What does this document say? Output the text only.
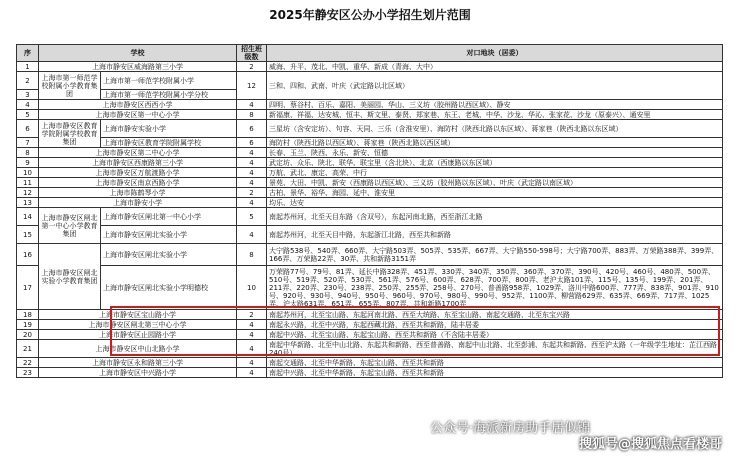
2025年静安区公办小学招生划片范围
序	学校		招生班级数	对口地块（居委）
1	上海市静安区威海路第三小学		2	威海、升平、茂北、中凯、重华、新成（青海、大中）
2	上海市第一师范学校附属小学教育集团	上海市第一师范学校附属小学	12	三和、四和、武南、叶庆（武定路以北区域）
3		上海市第一师范学校附属小学分校		
4	上海市静安区西西小学		4	四明、蔡谷村、百乐、嘉阳、美丽园、华山、三义坊（胶州路以西区域）、静安
5	上海市静安区第一中心小学		8	新福康、祥福、达安城、恒丰、斯文里、泰贤、郑家巷、东王、老城、中华、沙龙、华沁、张家花、沙龙（原泰兴）、通安里
6	上海市静安区教育学院附属学校教育集团	上海市静安实验小学	6	三星坊（含安定坊）、句容、天同、三乐（含淮安里）、海防村（陕西北路以东区域）、蒋家巷（陕西北路以东区域）
7		上海市静安区教育学院附属学校	6	海防村（陕西北路以西区域）、蒋家巷（陕西北路以西区域）
8	上海市静安区第二中心小学		4	长春、玉兰、陕西、永乐、新安、恒德
9	上海市静安区西康路第三小学		4	武定坊、众乐、陕北、联华、联宝里（含北块）、北京（西康路以东区域）
10	上海市静安区万航渡路小学		4	万航、武北、康定、高荣、中行
11	上海市静安区南京西路小学		4	景苑、大田、中凯、新安（西康路以西区域）、三义坊（胶州路以东区域）、叶庆（武定路以南区域）
12	上海市陈鹤琴小学		2	古柏、景华、裕华、海园、延中、淮安里
13	上海市静安小学		4	均乐、达安
14	上海市静安区闸北第一中心小学教育集团	上海市静安区闸北第一中心小学	5	南起苏州河，北至天目东路（含双号），东起河南北路，西至浙江北路
15		上海市静安区闸北实验小学	4	南起苏州河，北至天目中路，东起浙江北路，西至共和新路
16	上海市静安区闸北实验小学教育集团	上海市静安区闸北实验小学	8	大宁路538号、540弄、660弄、大宁路503弄、505弄、535弄、667弄、大宁路550-598号；大宁路700弄、883弄、万荣路388弄、399弄、166弄、万荣路22弄、30弄、共和新路3151弄
17		上海市静安区闸北实验小学明德校	10	万荣路77号、79号、81弄、延长中路328弄、451弄、330弄、340弄、350弄、360弄、370弄、390号、420号、460号、480弄、500弄、510号、519弄、520弄、530弄、561弄、576号、600弄、628弄、700弄、800弄、老沪太路101弄、115号、135号、199弄、201弄、211弄、220弄、230号、238弄、250弄、255弄、258号、270号、普善路958弄、1029弄、洛川中路600弄、777弄、838弄、901弄、910号、920号、930号、940号、950号、960号、970号、980号、990号、952弄、1100弄、柳营路629弄、635弄、669弄、717弄、1025弄、沪太路631弄、651弄、655弄、807弄、共和新路1700弄
18	上海市静安区宝山路小学		2	南起苏州河，北至宝山路、东起河南北路、西至大统路、东至宝山路、南起交通路、北至东宝兴路
19	上海市静安区闸北第三中心小学		4	南起永兴路，北至中兴路，东起西藏北路，西至共和新路，陆丰居委
20	上海市静安区止园路小学		4	南起中兴路、北至宝山路、东起宝山路、西至共和新路（不含陆丰居委）
21	上海市静安区中山北路小学		4	南起中华新路、北至中山北路、东起共和新路、西至普善路、南起中山北路、北至彭浦、东起共和新路、西至沪太路（一年级学生地址：芷江西路240号）
22	上海市静安区永和路第三小学		4	南起交通路、北至中华新路、东起宝山路、西至共和新路
23	上海市静安区中兴路小学		4	南起中兴路、北至中华新路、东起宝山路、西至共和新路
公众号·海派新房助手居似锦
搜狐号@搜狐焦点看楼哥
